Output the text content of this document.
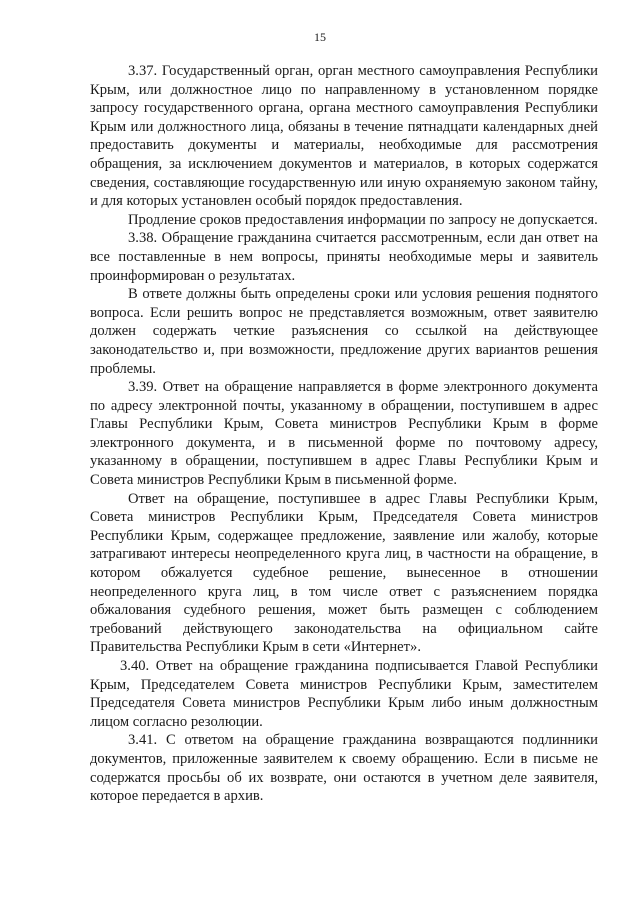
15

3.37. Государственный орган, орган местного самоуправления Республики Крым, или должностное лицо по направленному в установленном порядке запросу государственного органа, органа местного самоуправления Республики Крым или должностного лица, обязаны в течение пятнадцати календарных дней предоставить документы и материалы, необходимые для рассмотрения обращения, за исключением документов и материалов, в которых содержатся сведения, составляющие государственную или иную охраняемую законом тайну, и для которых установлен особый порядок предоставления.

Продление сроков предоставления информации по запросу не допускается.

3.38. Обращение гражданина считается рассмотренным, если дан ответ на все поставленные в нем вопросы, приняты необходимые меры и заявитель проинформирован о результатах.

В ответе должны быть определены сроки или условия решения поднятого вопроса. Если решить вопрос не представляется возможным, ответ заявителю должен содержать четкие разъяснения со ссылкой на действующее законодательство и, при возможности, предложение других вариантов решения проблемы.

3.39. Ответ на обращение направляется в форме электронного документа по адресу электронной почты, указанному в обращении, поступившем в адрес Главы Республики Крым, Совета министров Республики Крым в форме электронного документа, и в письменной форме по почтовому адресу, указанному в обращении, поступившем в адрес Главы Республики Крым и Совета министров Республики Крым в письменной форме.

Ответ на обращение, поступившее в адрес Главы Республики Крым, Совета министров Республики Крым, Председателя Совета министров Республики Крым, содержащее предложение, заявление или жалобу, которые затрагивают интересы неопределенного круга лиц, в частности на обращение, в котором обжалуется судебное решение, вынесенное в отношении неопределенного круга лиц, в том числе ответ с разъяснением порядка обжалования судебного решения, может быть размещен с соблюдением требований действующего законодательства на официальном сайте Правительства Республики Крым в сети «Интернет».

3.40. Ответ на обращение гражданина подписывается Главой Республики Крым, Председателем Совета министров Республики Крым, заместителем Председателя Совета министров Республики Крым либо иным должностным лицом согласно резолюции.

3.41. С ответом на обращение гражданина возвращаются подлинники документов, приложенные заявителем к своему обращению. Если в письме не содержатся просьбы об их возврате, они остаются в учетном деле заявителя, которое передается в архив.
